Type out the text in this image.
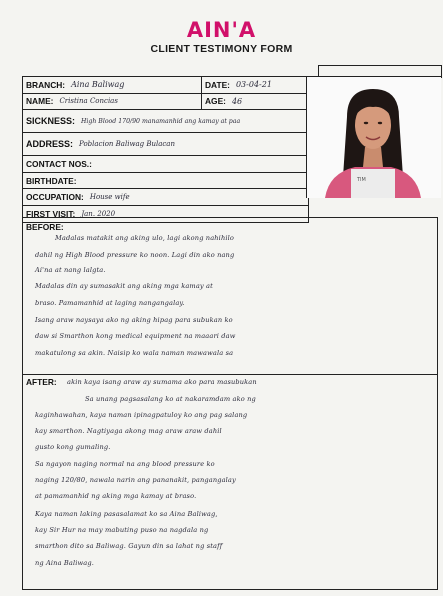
AIN'A
CLIENT TESTIMONY FORM
BRANCH: Aina Baliwag	DATE: 03-04-21
NAME: Cristina Concias	AGE: 46
SICKNESS: High Blood 170/90 manamanhid ang kamay at paa
ADDRESS: Poblacion Baliwag Bulacan
CONTACT NOS.:
BIRTHDATE:
OCCUPATION: House wife
FIRST VISIT: Jan. 2020
TIM
BEFORE:
Madalas matakit ang aking ulo, lagi akong nahihilo
dahil ng High Blood pressure ko noon. Lagi din ako nang
Ai'na at nang lalgta.
Madalas din ay sumasakit ang aking mga kamay at
braso. Pamamanhid at laging nangangalay.
Isang araw naysaya ako ng aking hipag para subukan ko
daw si Smarthon kong medical equipment na maaari daw
makatulong sa akin. Naisip ko wala naman mawawala sa
AFTER: akin kaya isang araw ay sumama ako para masubukan
Sa unang pagsasalang ko at nakaramdam ako ng
kaginhawahan, kaya naman ipinagpatuloy ko ang pag salang
kay smarthon. Nagtiyaga akong mag araw araw dahil
gusto kong gumaling.
Sa ngayon naging normal na ang blood pressure ko
naging 120/80, nawala narin ang pananakit, pangangalay
at pamamanhid ng aking mga kamay at braso.
Kaya naman laking pasasalamat ko sa Aina Baliwag,
kay Sir Hur na may mabuting puso na nagdala ng
smarthon dito sa Baliwag. Gayun din sa lahat ng staff
ng Aina Baliwag.
